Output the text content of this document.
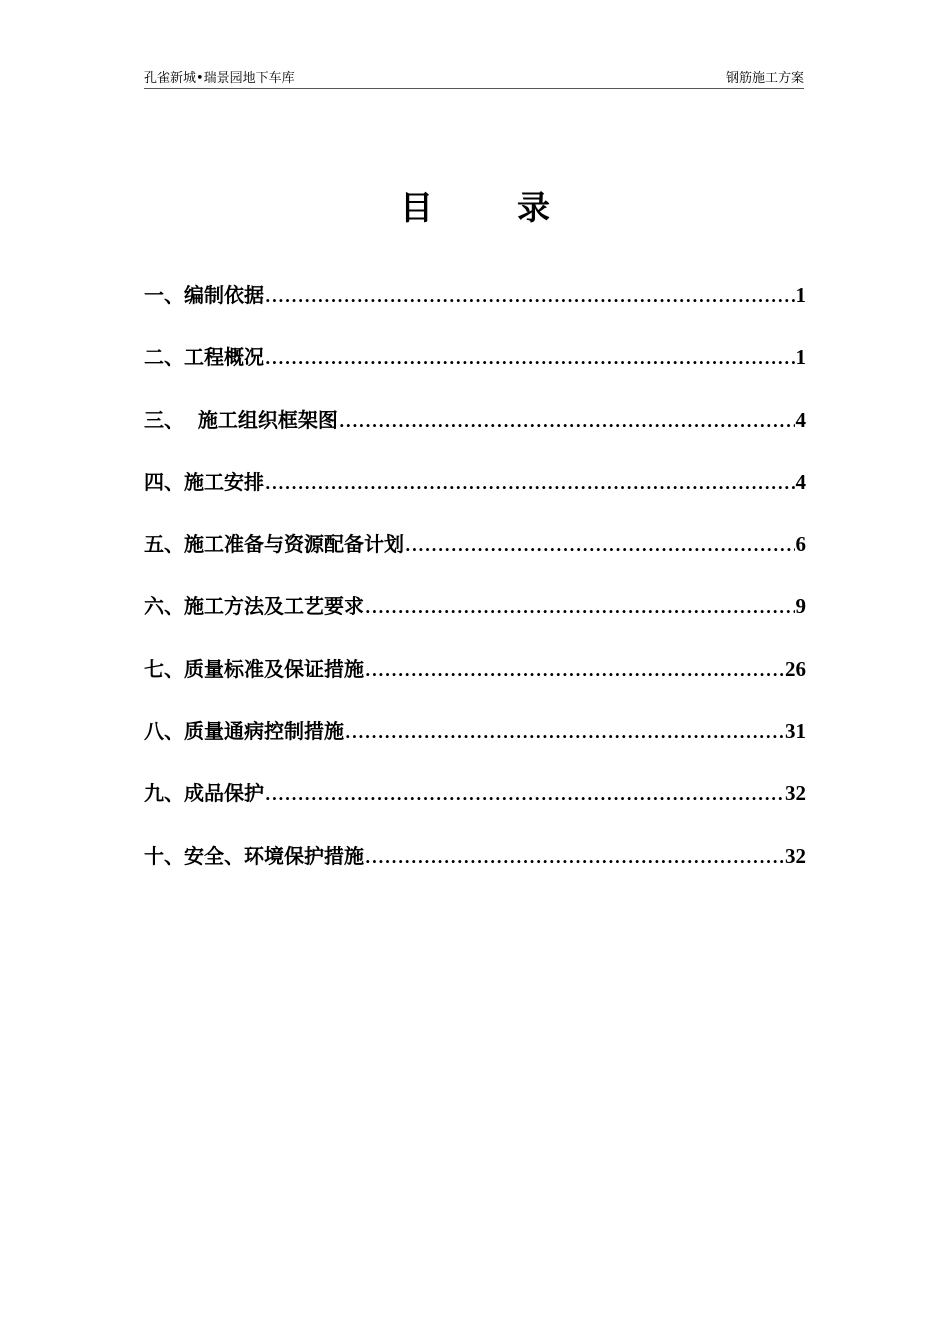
孔雀新城•瑞景园地下车库	钢筋施工方案
目	录
一、编制依据 .....	1
二、工程概况 .....	1
三、  施工组织框架图 .....	4
四、施工安排 .....	4
五、施工准备与资源配备计划 .....	6
六、施工方法及工艺要求 .....	9
七、质量标准及保证措施 .....	26
八、质量通病控制措施 .....	31
九、成品保护 .....	32
十、安全、环境保护措施 .....	32
